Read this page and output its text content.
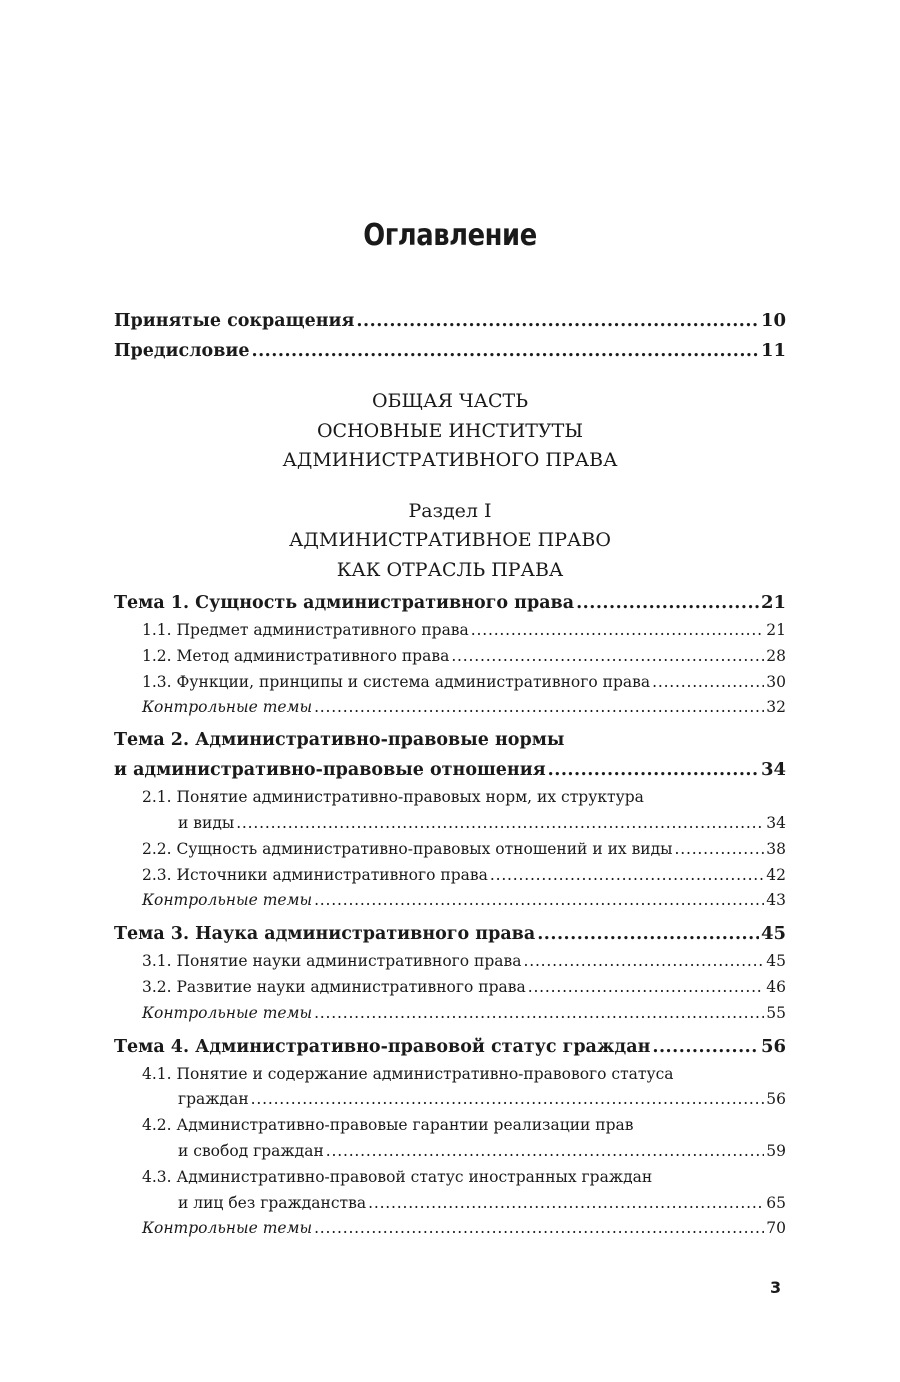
Оглавление
Принятые сокращения .....	10
Предисловие .....	11
ОБЩАЯ ЧАСТЬ
ОСНОВНЫЕ ИНСТИТУТЫ
АДМИНИСТРАТИВНОГО ПРАВА
Раздел I
АДМИНИСТРАТИВНОЕ ПРАВО
КАК ОТРАСЛЬ ПРАВА
Тема 1. Сущность административного права .....	21
1.1. Предмет административного права .....	21
1.2. Метод административного права .....	28
1.3. Функции, принципы и система административного права .....	30
Контрольные темы .....	32
Тема 2. Административно-правовые нормы
и административно-правовые отношения .....	34
2.1. Понятие административно-правовых норм, их структура
и виды .....	34
2.2. Сущность административно-правовых отношений и их виды .....	38
2.3. Источники административного права .....	42
Контрольные темы .....	43
Тема 3. Наука административного права .....	45
3.1. Понятие науки административного права .....	45
3.2. Развитие науки административного права .....	46
Контрольные темы .....	55
Тема 4. Административно-правовой статус граждан .....	56
4.1. Понятие и содержание административно-правового статуса
граждан .....	56
4.2. Административно-правовые гарантии реализации прав
и свобод граждан .....	59
4.3. Административно-правовой статус иностранных граждан
и лиц без гражданства .....	65
Контрольные темы .....	70
3
